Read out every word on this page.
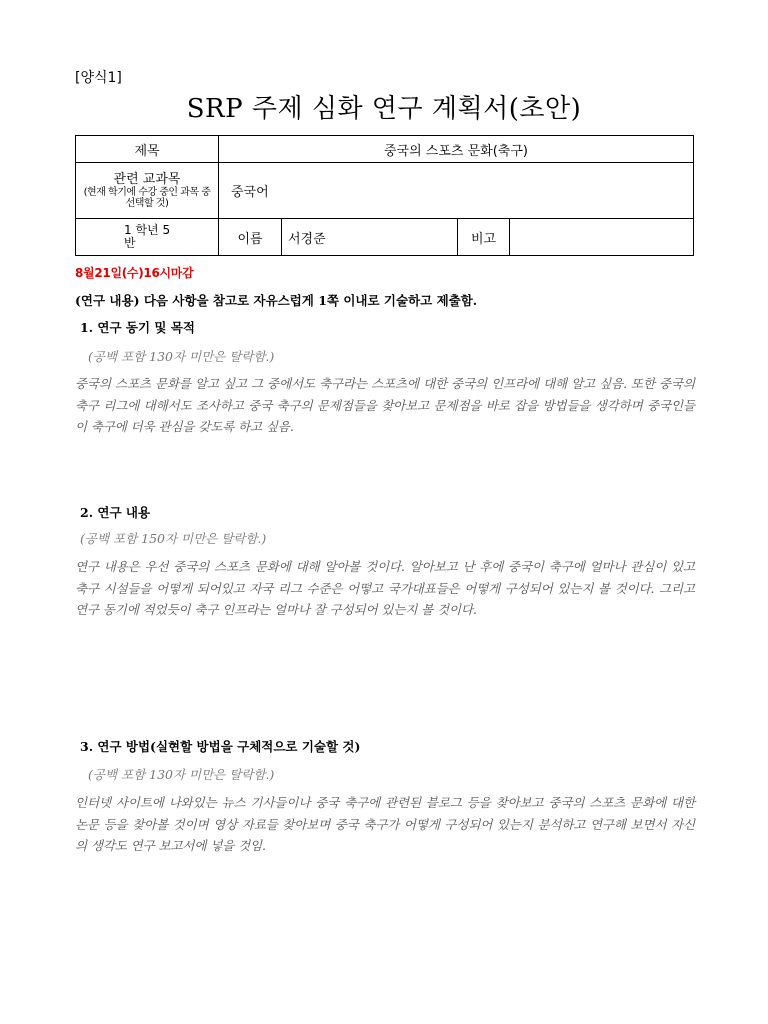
[양식1]
SRP 주제 심화 연구 계획서(초안)
제목	중국의 스포츠 문화(축구)			

관련 교과목
(현재 학기에 수강 중인 과목 중 선택할 것)	중국어			

1 학년 5
반	이름	서경준	비고	
8월21일(수)16시마감
(연구 내용) 다음 사항을 참고로 자유스럽게 1쪽 이내로 기술하고 제출함.
1. 연구 동기 및 목적
(공백 포함 130자 미만은 탈락함.)
중국의 스포츠 문화를 알고 싶고 그 중에서도 축구라는 스포츠에 대한 중국의 인프라에 대해 알고 싶음. 또한 중국의 축구 리그에 대해서도 조사하고 중국 축구의 문제점들을 찾아보고 문제점을 바로 잡을 방법들을 생각하며 중국인들이 축구에 더욱 관심을 갖도록 하고 싶음.
2. 연구 내용
(공백 포함 150자 미만은 탈락함.)
연구 내용은 우선 중국의 스포츠 문화에 대해 알아볼 것이다. 알아보고 난 후에 중국이 축구에 얼마나 관심이 있고 축구 시설들을 어떻게 되어있고 자국 리그 수준은 어떻고 국가대표들은 어떻게 구성되어 있는지 볼 것이다. 그리고 연구 동기에 적었듯이 축구 인프라는 얼마나 잘 구성되어 있는지 볼 것이다.
3. 연구 방법(실현할 방법을 구체적으로 기술할 것)
(공백 포함 130자 미만은 탈락함.)
인터넷 사이트에 나와있는 뉴스 기사들이나 중국 축구에 관련된 블로그 등을 찾아보고 중국의 스포츠 문화에 대한 논문 등을 찾아볼 것이며 영상 자료들 찾아보며 중국 축구가 어떻게 구성되어 있는지 분석하고 연구해 보면서 자신의 생각도 연구 보고서에 넣을 것임.
